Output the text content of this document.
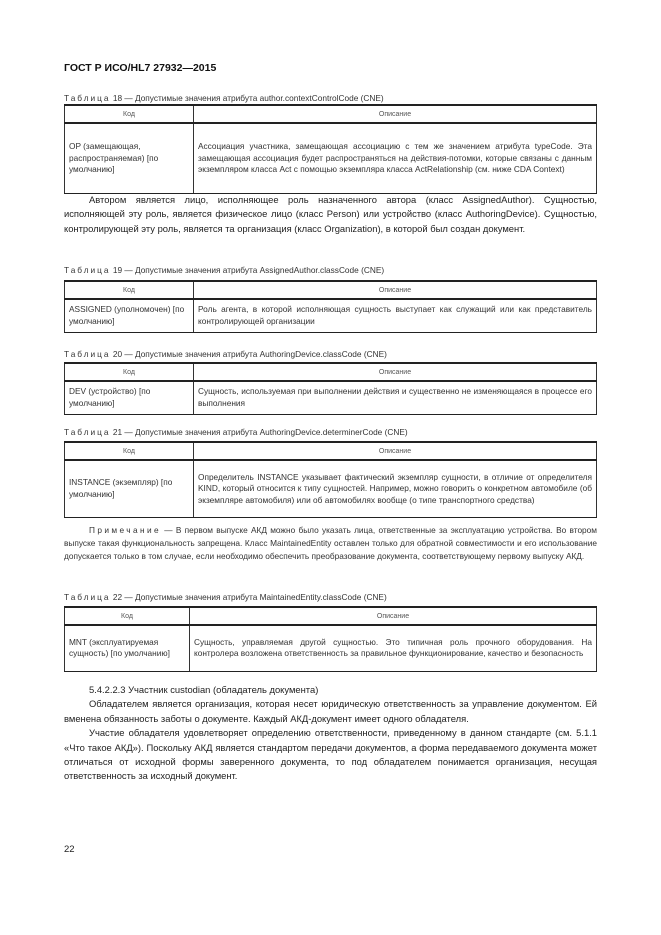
ГОСТ Р ИСО/HL7 27932—2015
Таблица 18 — Допустимые значения атрибута author.contextControlCode (CNE)
Код	Описание
OP (замещающая, распространяемая) [по умолчанию]	Ассоциация участника, замещающая ассоциацию с тем же значением атрибута typeCode. Эта замещающая ассоциация будет распространяться на действия-потомки, которые связаны с данным экземпляром класса Act с помощью экземпляра класса ActRelationship (см. ниже CDA Context)
Автором является лицо, исполняющее роль назначенного автора (класс AssignedAuthor). Сущностью, исполняющей эту роль, является физическое лицо (класс Person) или устройство (класс AuthoringDevice). Сущностью, контролирующей эту роль, является та организация (класс Organization), в которой был создан документ.
Таблица 19 — Допустимые значения атрибута AssignedAuthor.classCode (CNE)
Код	Описание
ASSIGNED (уполномочен) [по умолчанию]	Роль агента, в которой исполняющая сущность выступает как служащий или как представитель контролирующей организации
Таблица 20 — Допустимые значения атрибута AuthoringDevice.classCode (CNE)
Код	Описание
DEV (устройство) [по умолчанию]	Сущность, используемая при выполнении действия и существенно не изменяющаяся в процессе его выполнения
Таблица 21 — Допустимые значения атрибута AuthoringDevice.determinerCode (CNE)
Код	Описание
INSTANCE (экземпляр) [по умолчанию]	Определитель INSTANCE указывает фактический экземпляр сущности, в отличие от определителя KIND, который относится к типу сущностей. Например, можно говорить о конкретном автомобиле (об экземпляре автомобиля) или об автомобилях вообще (о типе транспортного средства)
Примечание — В первом выпуске АКД можно было указать лица, ответственные за эксплуатацию устройства. Во втором выпуске такая функциональность запрещена. Класс MaintainedEntity оставлен только для обратной совместимости и его использование допускается только в том случае, если необходимо обеспечить преобразование документа, соответствующему первому выпуску АКД.
Таблица 22 — Допустимые значения атрибута MaintainedEntity.classCode (CNE)
Код	Описание
MNT (эксплуатируемая сущность) [по умолчанию]	Сущность, управляемая другой сущностью. Это типичная роль прочного оборудования. На контролера возложена ответственность за правильное функционирование, качество и безопасность
5.4.2.2.3 Участник custodian (обладатель документа)
Обладателем является организация, которая несет юридическую ответственность за управление документом. Ей вменена обязанность заботы о документе. Каждый АКД-документ имеет одного обладателя.
Участие обладателя удовлетворяет определению ответственности, приведенному в данном стандарте (см. 5.1.1 «Что такое АКД»). Поскольку АКД является стандартом передачи документов, а форма передаваемого документа может отличаться от исходной формы заверенного документа, то под обладателем понимается организация, несущая ответственность за исходный документ.
22
